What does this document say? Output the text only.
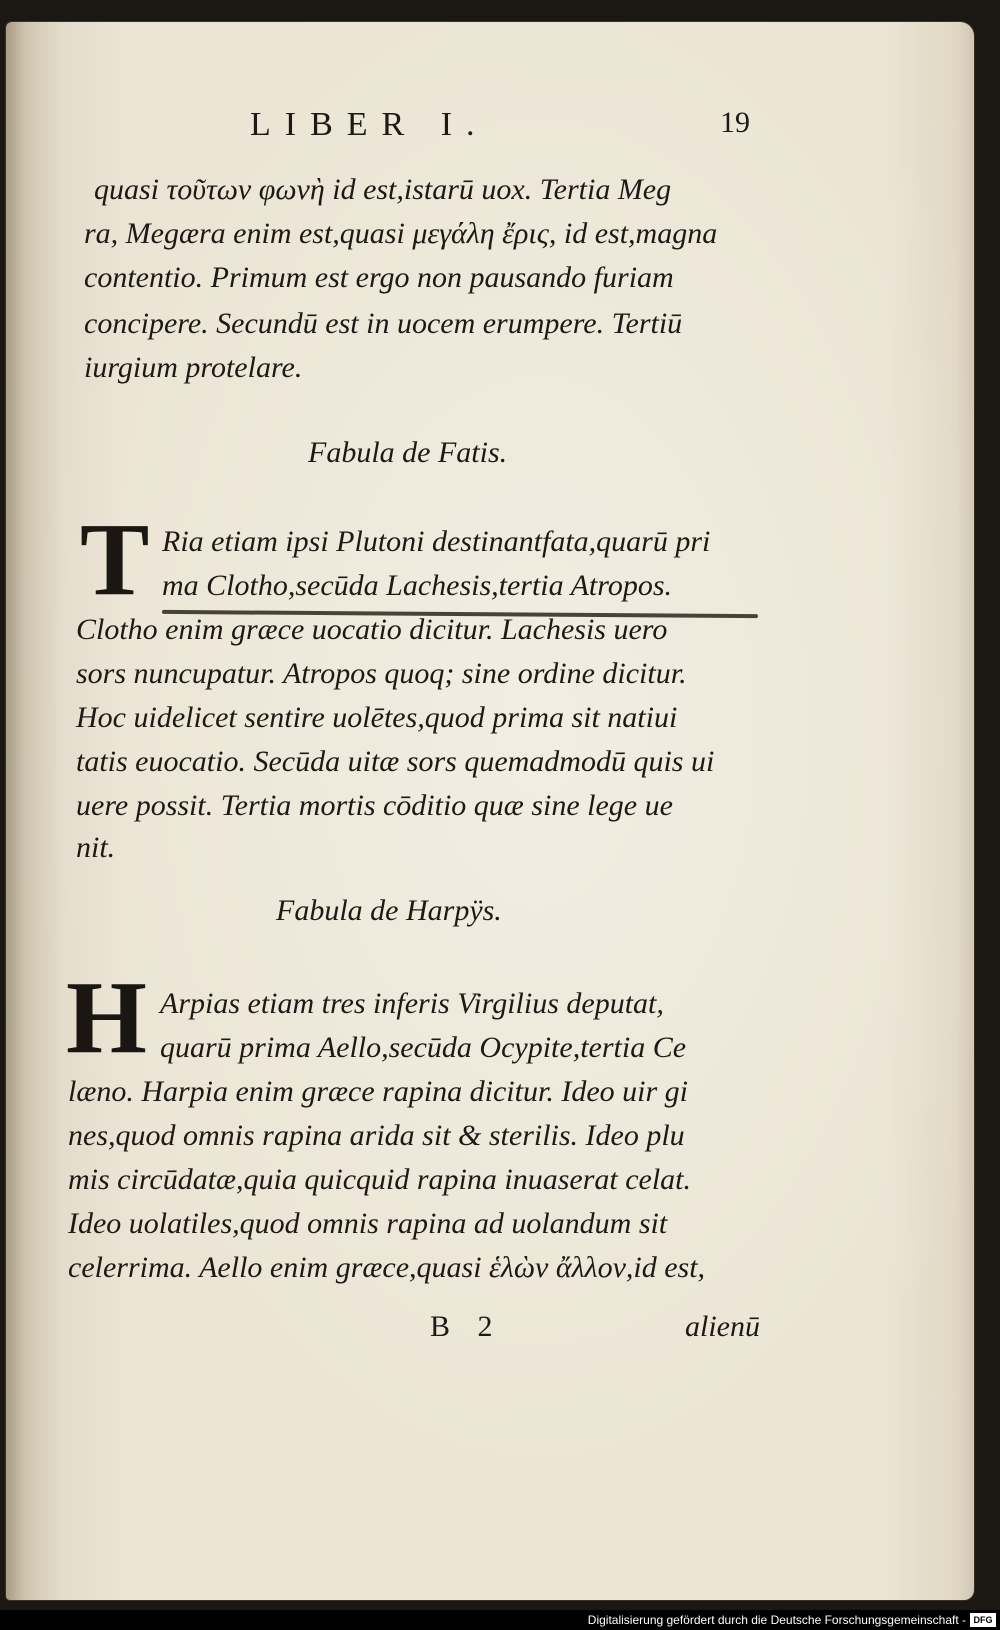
LIBER I.	19
quasi τοῦτων φωνὴ id est,istarū uox. Tertia Meg
ra, Megæra enim est,quasi μεγάλη ἔρις, id est,magna
contentio. Primum est ergo non pausando furiam
concipere. Secundū est in uocem erumpere. Tertiū
iurgium protelare.
Fabula de Fatis.
T Ria etiam ipsi Plutoni destinantfata,quarū pri
ma Clotho,secūda Lachesis,tertia Atropos.
Clotho enim græce uocatio dicitur. Lachesis uero
sors nuncupatur. Atropos quoq; sine ordine dicitur.
Hoc uidelicet sentire uolētes,quod prima sit natiui
tatis euocatio. Secūda uitæ sors quemadmodū quis ui
uere possit. Tertia mortis cōditio quæ sine lege ue
nit.
Fabula de Harpÿs.
H Arpias etiam tres inferis Virgilius deputat,
quarū prima Aello,secūda Ocypite,tertia Ce
læno. Harpia enim græce rapina dicitur. Ideo uir gi
nes,quod omnis rapina arida sit & sterilis. Ideo plu
mis circūdatæ,quia quicquid rapina inuaserat celat.
Ideo uolatiles,quod omnis rapina ad uolandum sit
celerrima. Aello enim græce,quasi ἑλὼν ἄλλον,id est,
B 2	alienū
Digitalisierung gefördert durch die Deutsche Forschungsgemeinschaft - DFG
